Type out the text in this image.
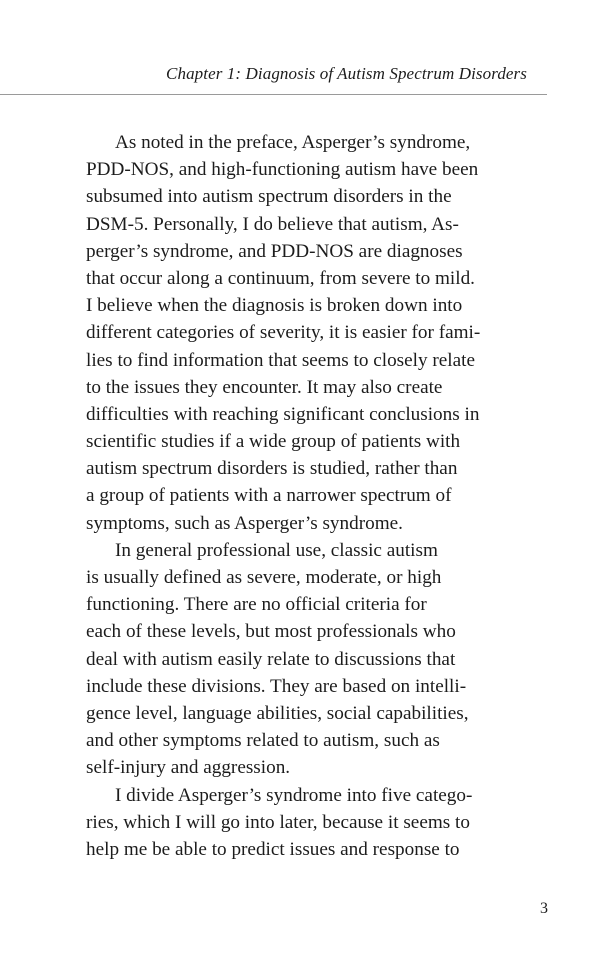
Chapter 1: Diagnosis of Autism Spectrum Disorders
As noted in the preface, Asperger’s syndrome,
PDD-NOS, and high-functioning autism have been
subsumed into autism spectrum disorders in the
DSM-5. Personally, I do believe that autism, As-
perger’s syndrome, and PDD-NOS are diagnoses
that occur along a continuum, from severe to mild.
I believe when the diagnosis is broken down into
different categories of severity, it is easier for fami-
lies to find information that seems to closely relate
to the issues they encounter. It may also create
difficulties with reaching significant conclusions in
scientific studies if a wide group of patients with
autism spectrum disorders is studied, rather than
a group of patients with a narrower spectrum of
symptoms, such as Asperger’s syndrome.
In general professional use, classic autism
is usually defined as severe, moderate, or high
functioning. There are no official criteria for
each of these levels, but most professionals who
deal with autism easily relate to discussions that
include these divisions. They are based on intelli-
gence level, language abilities, social capabilities,
and other symptoms related to autism, such as
self-injury and aggression.
I divide Asperger’s syndrome into five catego-
ries, which I will go into later, because it seems to
help me be able to predict issues and response to
3
